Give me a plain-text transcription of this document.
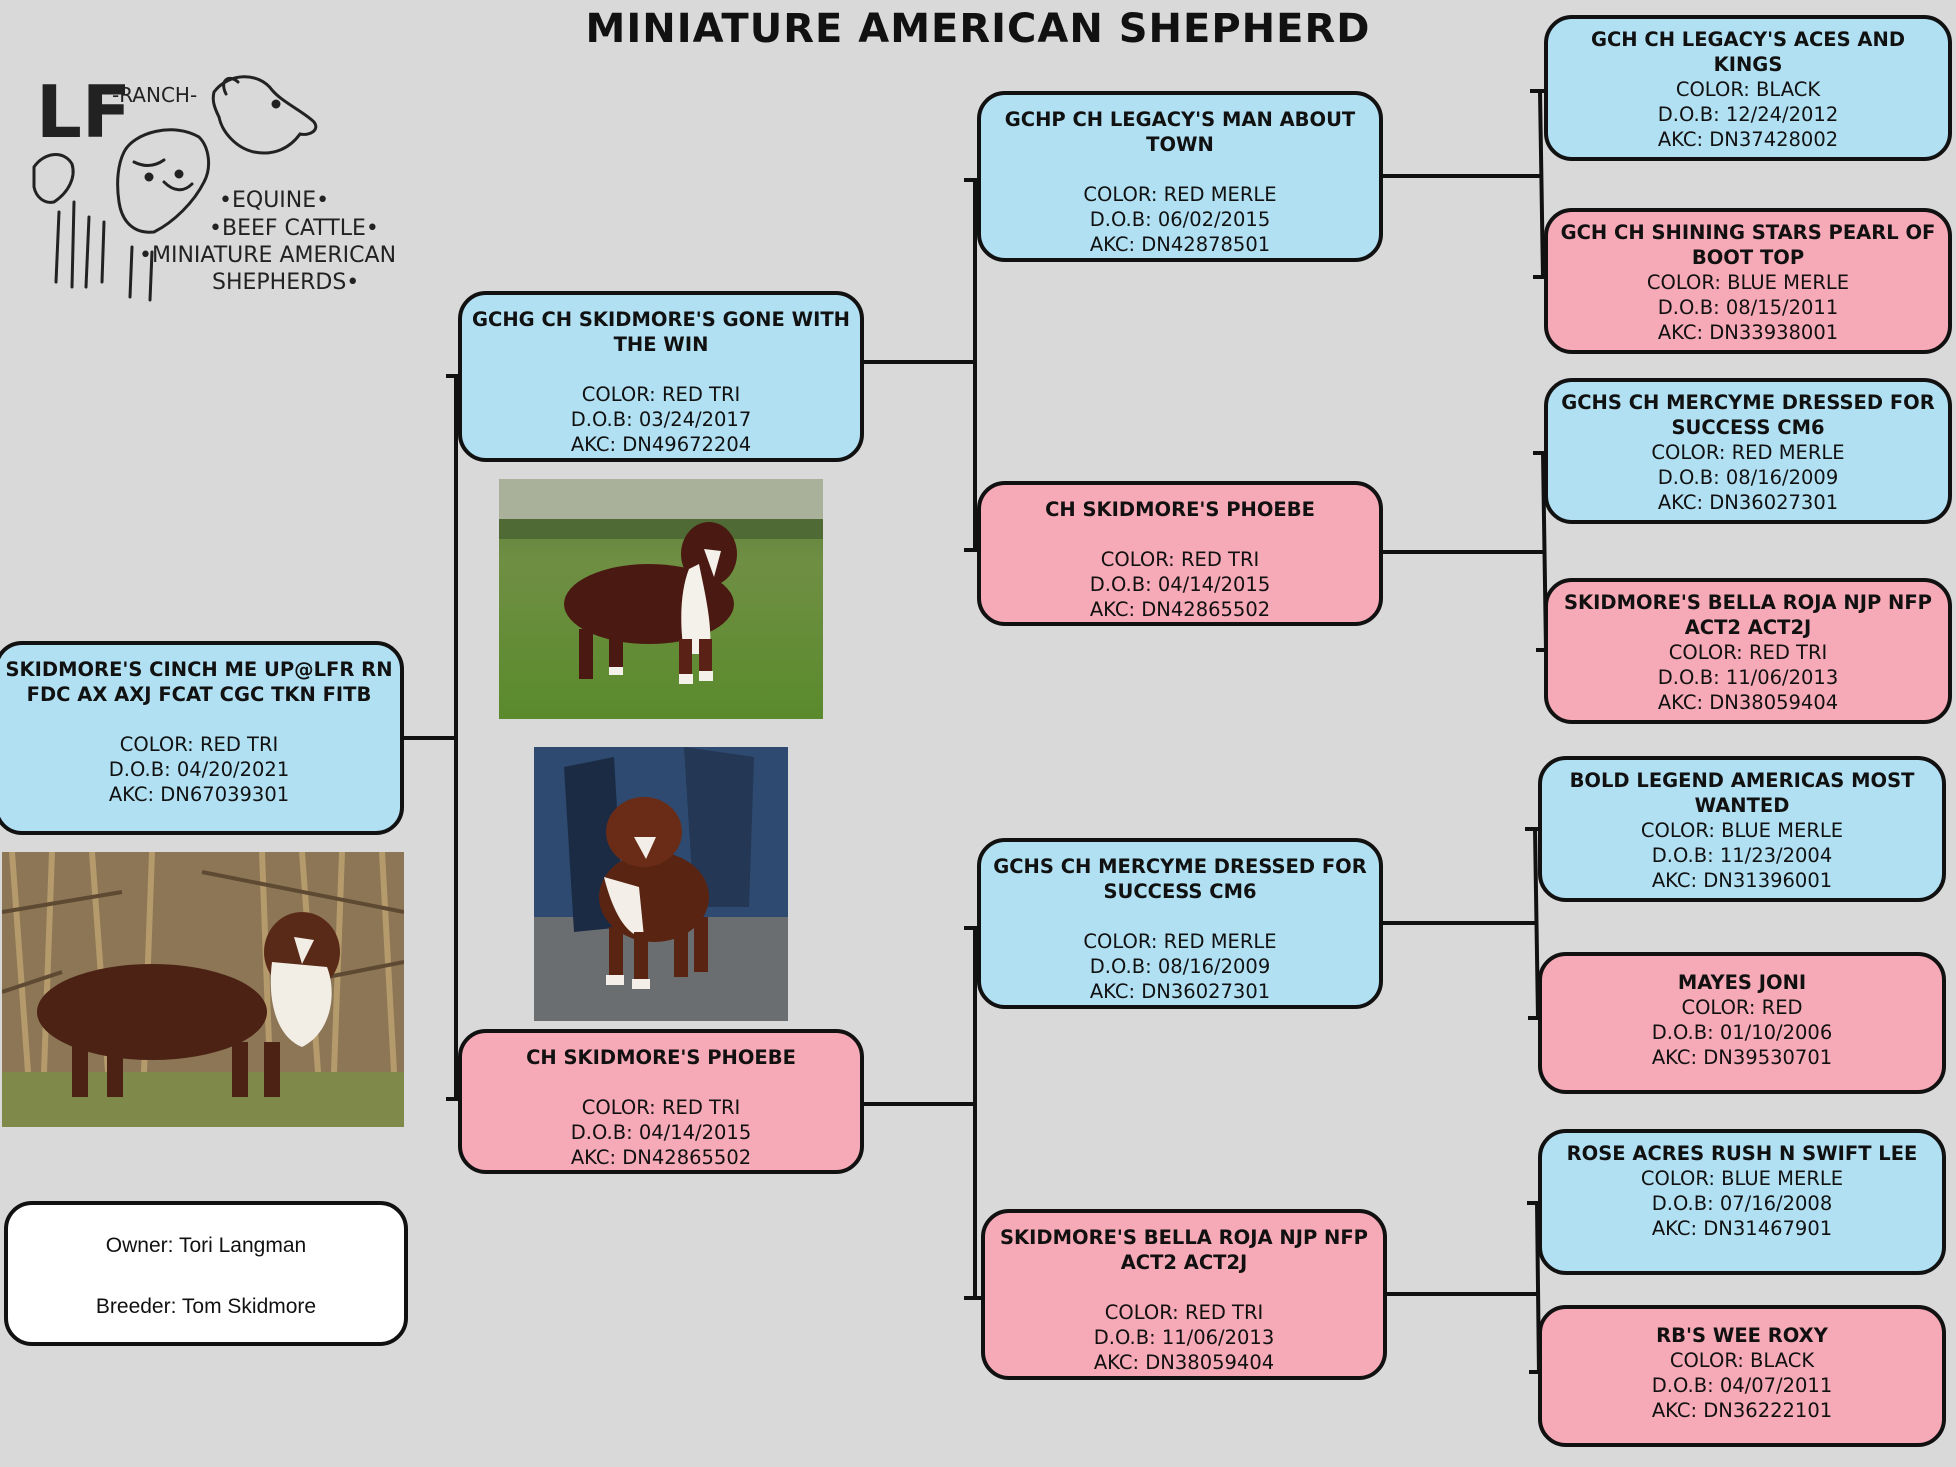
MINIATURE AMERICAN SHEPHERD
LF
-RANCH-
•EQUINE•
•BEEF CATTLE•
•MINIATURE AMERICAN
SHEPHERDS•
SKIDMORE'S CINCH ME UP@LFR RN FDC AX AXJ FCAT CGC TKN FITB
COLOR: RED TRI
D.O.B: 04/20/2021
AKC: DN67039301
GCHG CH SKIDMORE'S GONE WITH THE WIN
COLOR: RED TRI
D.O.B: 03/24/2017
AKC: DN49672204
CH SKIDMORE'S PHOEBE
COLOR: RED TRI
D.O.B: 04/14/2015
AKC: DN42865502
GCHP CH LEGACY'S MAN ABOUT TOWN
COLOR: RED MERLE
D.O.B: 06/02/2015
AKC: DN42878501
CH SKIDMORE'S PHOEBE
COLOR: RED TRI
D.O.B: 04/14/2015
AKC: DN42865502
GCHS CH MERCYME DRESSED FOR SUCCESS CM6
COLOR: RED MERLE
D.O.B: 08/16/2009
AKC: DN36027301
SKIDMORE'S BELLA ROJA NJP NFP ACT2 ACT2J
COLOR: RED TRI
D.O.B: 11/06/2013
AKC: DN38059404
GCH CH LEGACY'S ACES AND KINGS
COLOR: BLACK
D.O.B: 12/24/2012
AKC: DN37428002
GCH CH SHINING STARS PEARL OF BOOT TOP
COLOR: BLUE MERLE
D.O.B: 08/15/2011
AKC: DN33938001
GCHS CH MERCYME DRESSED FOR SUCCESS CM6
COLOR: RED MERLE
D.O.B: 08/16/2009
AKC: DN36027301
SKIDMORE'S BELLA ROJA NJP NFP ACT2 ACT2J
COLOR: RED TRI
D.O.B: 11/06/2013
AKC: DN38059404
BOLD LEGEND AMERICAS MOST WANTED
COLOR: BLUE MERLE
D.O.B: 11/23/2004
AKC: DN31396001
MAYES JONI
COLOR: RED
D.O.B: 01/10/2006
AKC: DN39530701
ROSE ACRES RUSH N SWIFT LEE
COLOR: BLUE MERLE
D.O.B: 07/16/2008
AKC: DN31467901
RB'S WEE ROXY
COLOR: BLACK
D.O.B: 04/07/2011
AKC: DN36222101
Owner: Tori Langman
Breeder: Tom Skidmore
